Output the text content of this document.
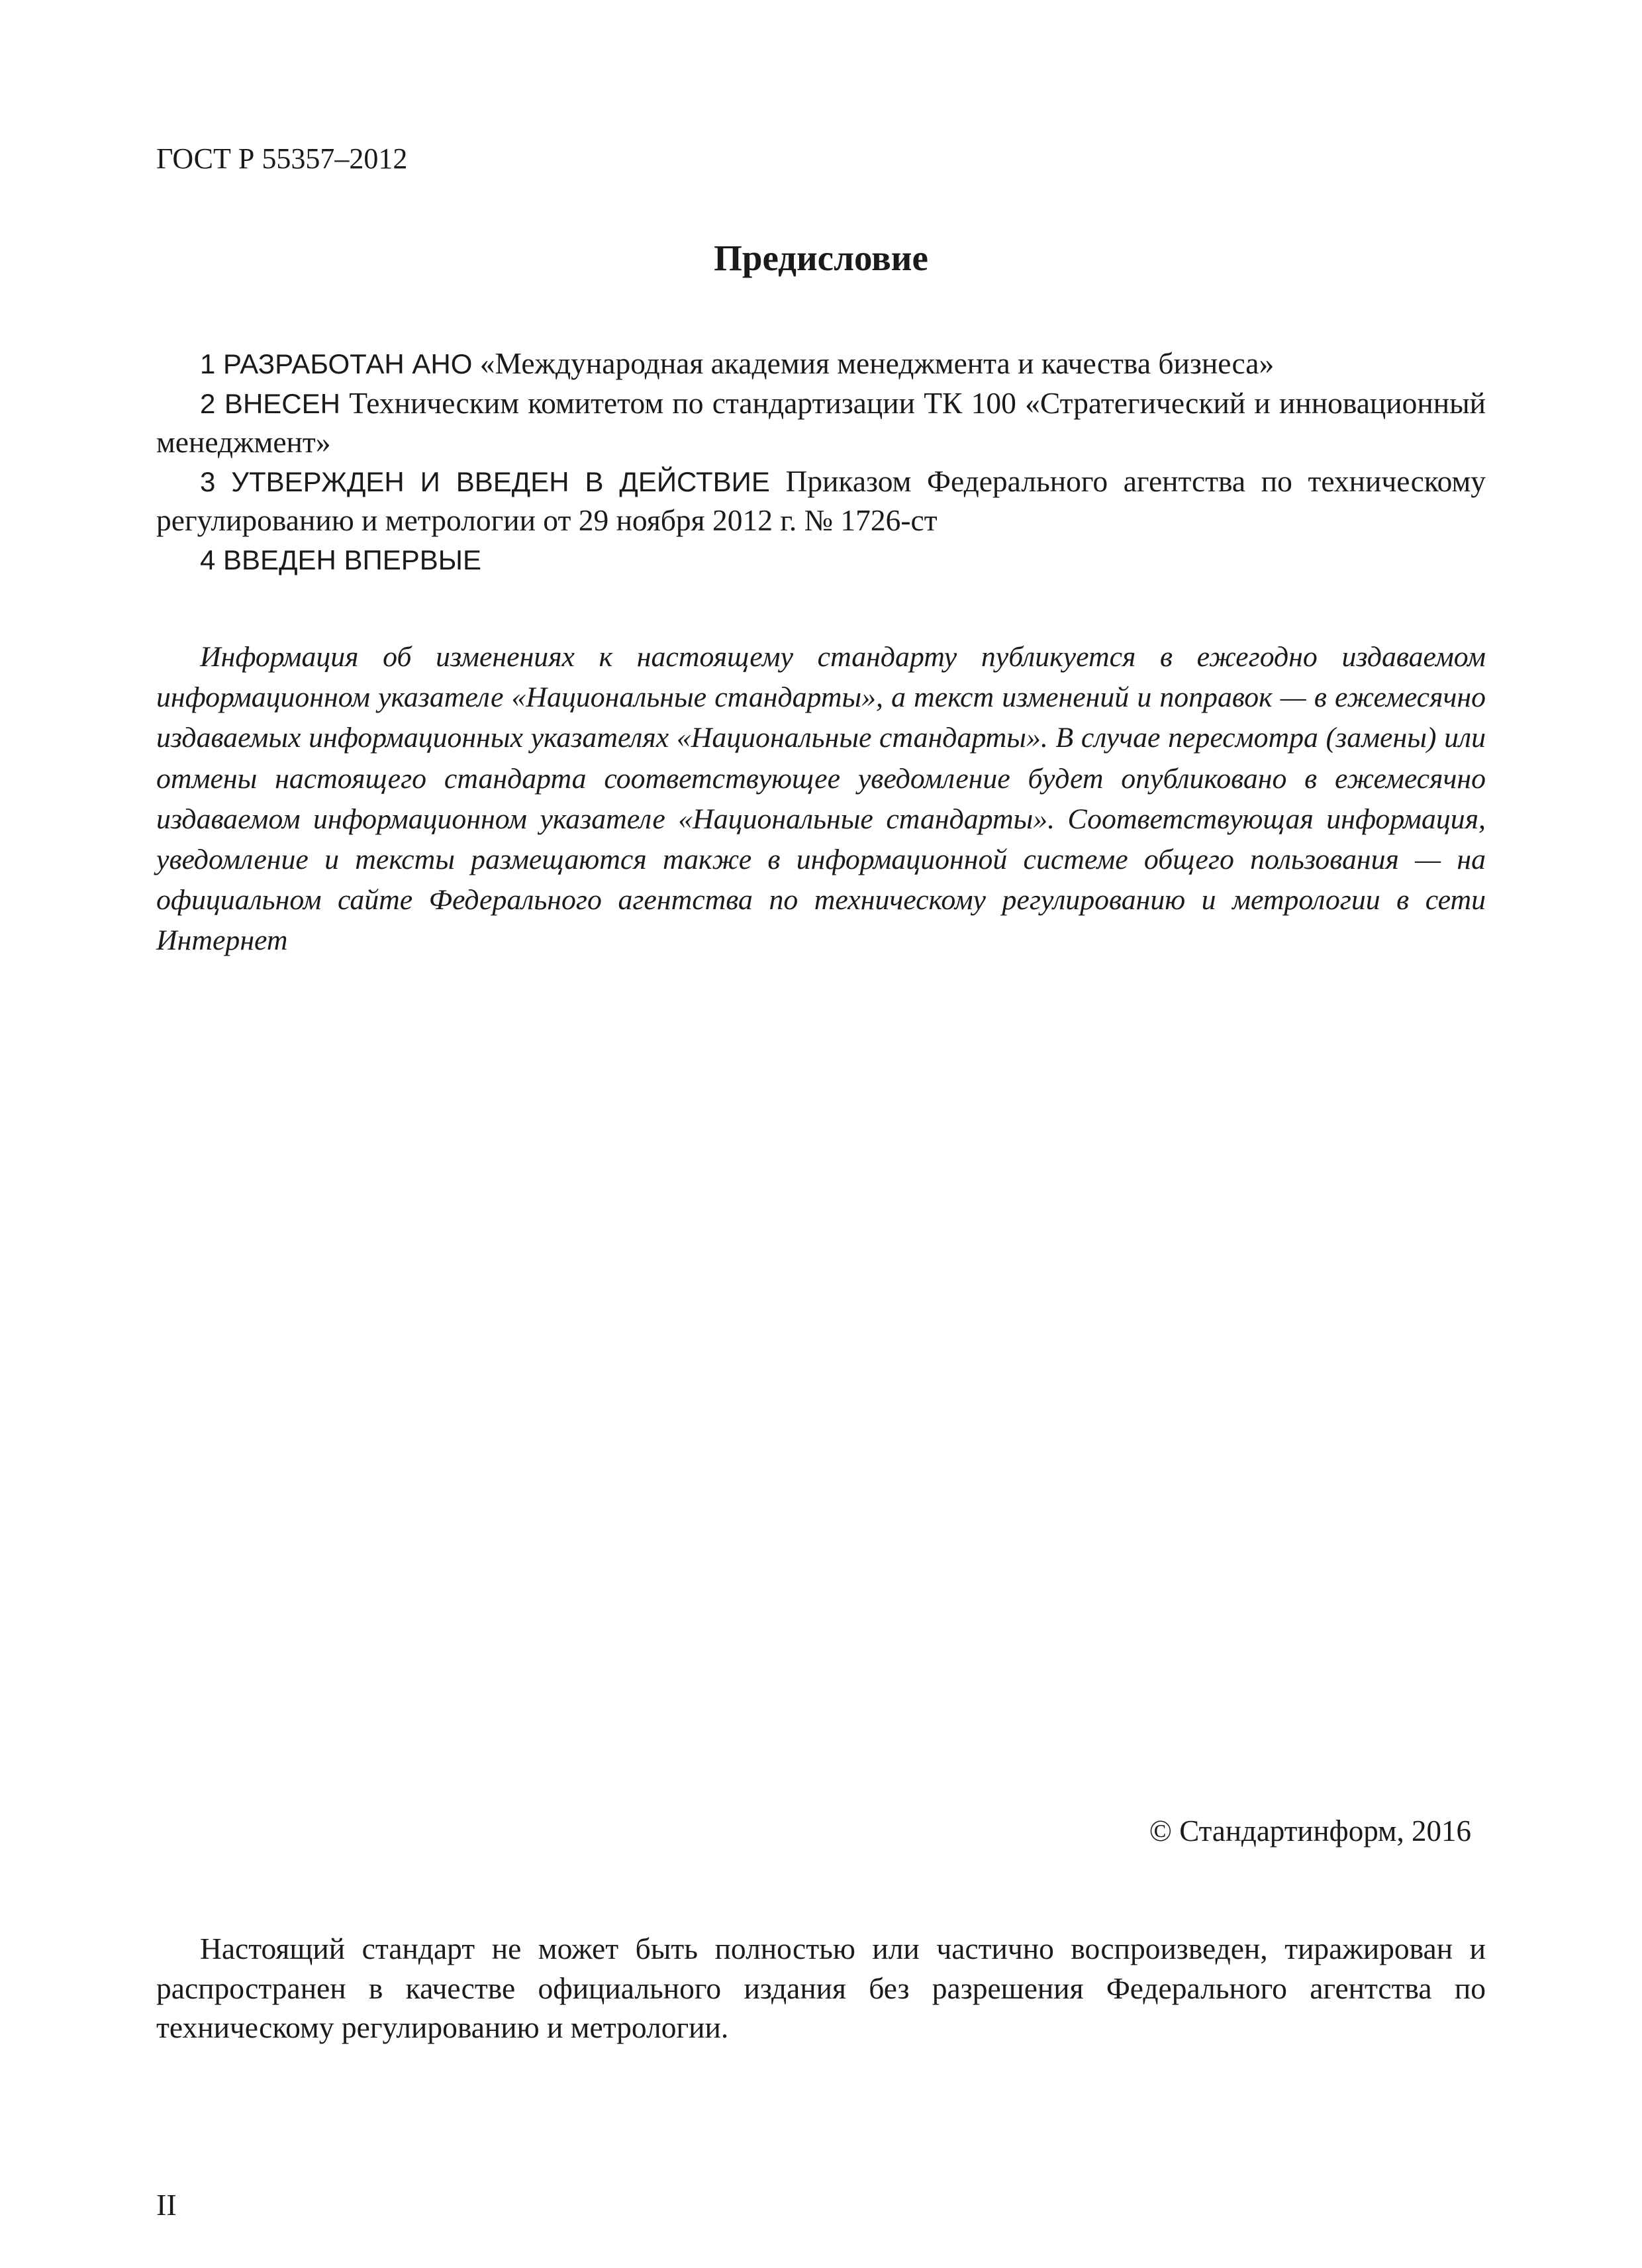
ГОСТ Р 55357–2012
Предисловие

1 РАЗРАБОТАН АНО «Международная академия менеджмента и качества бизнеса»

2 ВНЕСЕН Техническим комитетом по стандартизации ТК 100 «Стратегический и инновационный менеджмент»

3 УТВЕРЖДЕН И ВВЕДЕН В ДЕЙСТВИЕ Приказом Федерального агентства по техническому регулированию и метрологии от 29 ноября 2012 г. № 1726-ст

4 ВВЕДЕН ВПЕРВЫЕ

Информация об изменениях к настоящему стандарту публикуется в ежегодно издаваемом информационном указателе «Национальные стандарты», а текст изменений и поправок — в ежемесячно издаваемых информационных указателях «Национальные стандарты». В случае пересмотра (замены) или отмены настоящего стандарта соответствующее уведомление будет опубликовано в ежемесячно издаваемом информационном указателе «Национальные стандарты». Соответствующая информация, уведомление и тексты размещаются также в информационной системе общего пользования — на официальном сайте Федерального агентства по техническому регулированию и метрологии в сети Интернет

© Стандартинформ, 2016

Настоящий стандарт не может быть полностью или частично воспроизведен, тиражирован и распространен в качестве официального издания без разрешения Федерального агентства по техническому регулированию и метрологии.

II
